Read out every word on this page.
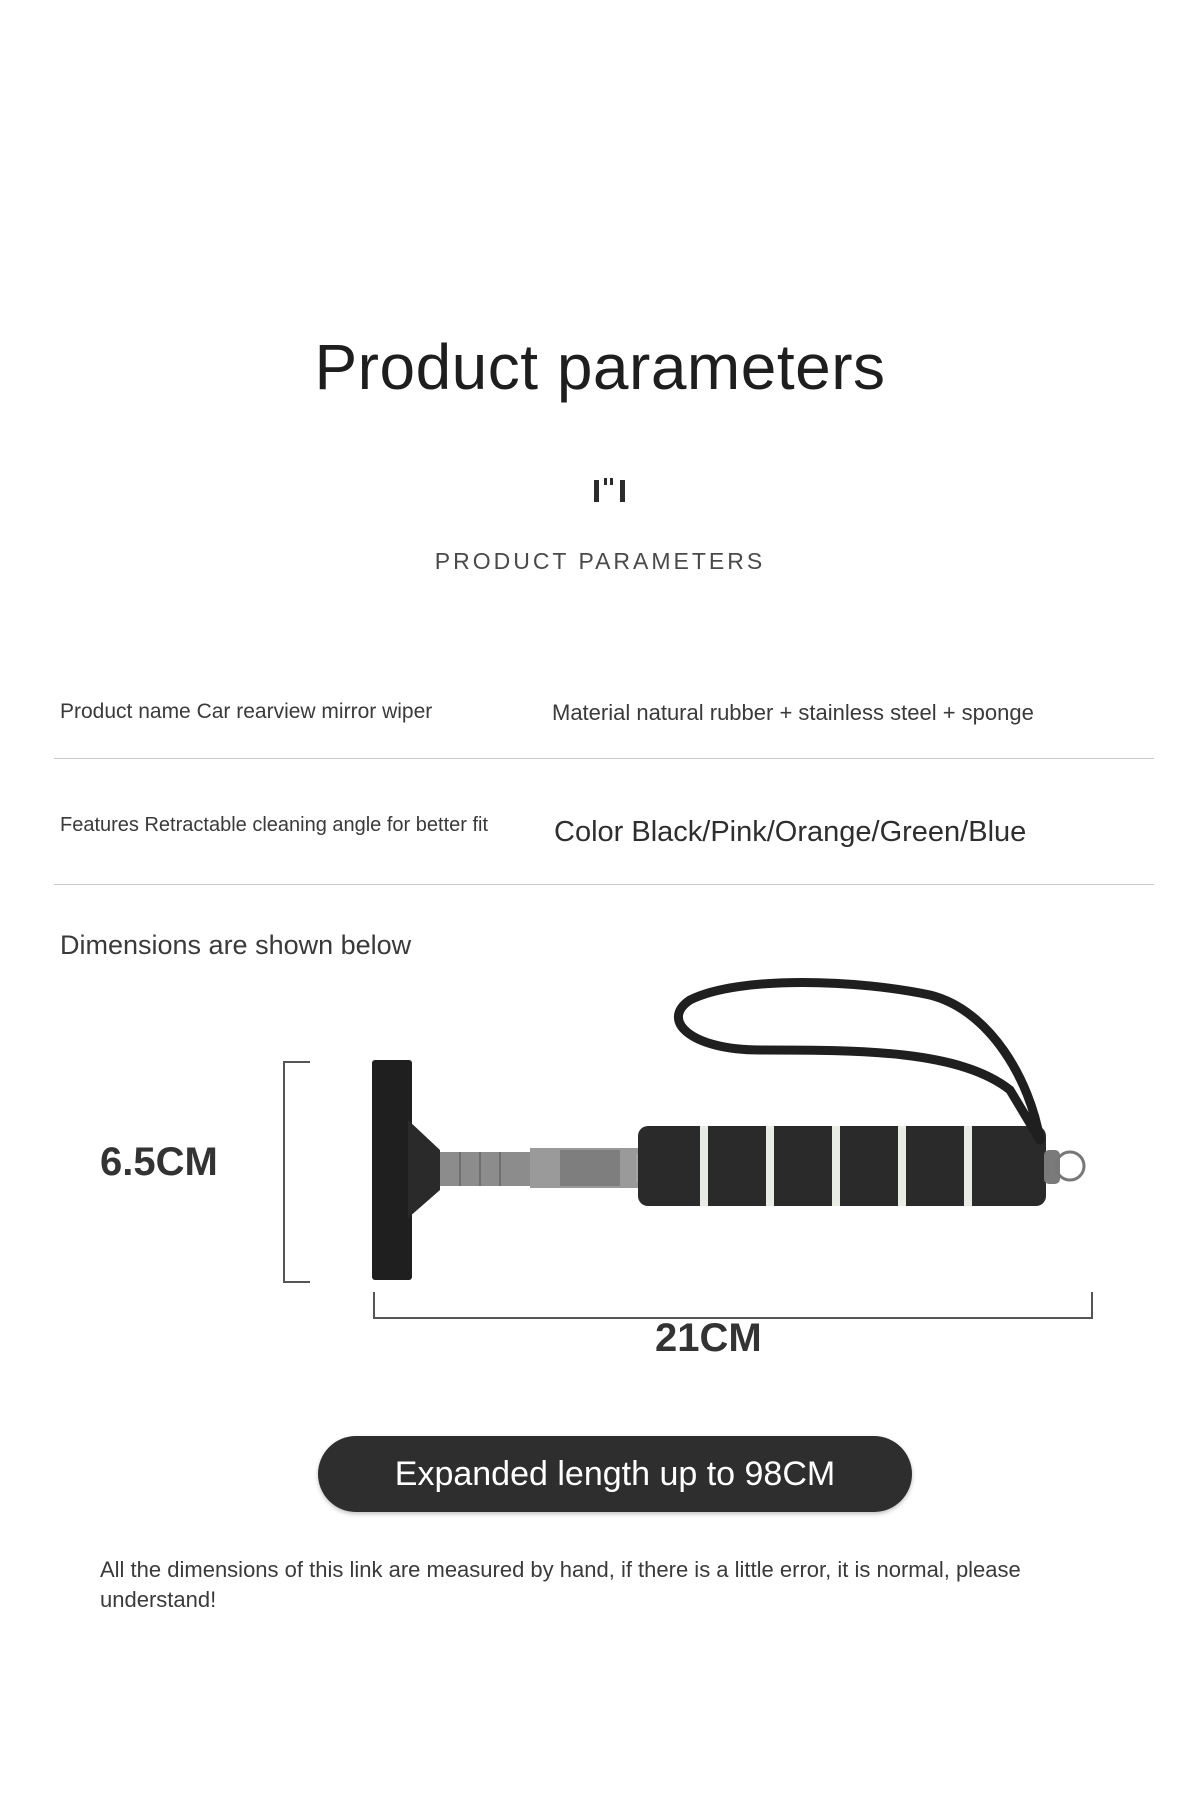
Product parameters
PRODUCT PARAMETERS
Product name Car rearview mirror wiper	Material natural rubber + stainless steel + sponge
Features Retractable cleaning angle for better fit	Color Black/Pink/Orange/Green/Blue
Dimensions are shown below
6.5CM
21CM
Expanded length up to 98CM
All the dimensions of this link are measured by hand, if there is a little error, it is normal, please understand!
